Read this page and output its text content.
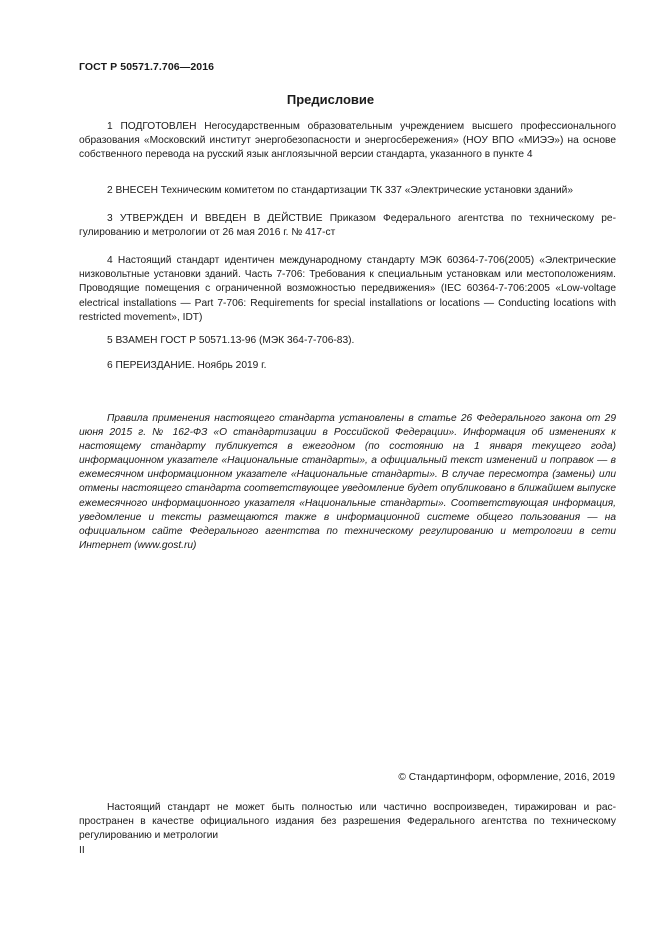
ГОСТ Р 50571.7.706—2016
Предисловие

1 ПОДГОТОВЛЕН Негосударственным образовательным учреждением высшего профессионального образования «Московский институт энергобезопасности и энергосбережения» (НОУ ВПО «МИЭЭ») на основе собственного перевода на русский язык англоязычной версии стандарта, указанного в пункте 4

2 ВНЕСЕН Техническим комитетом по стандартизации ТК 337 «Электрические установки зданий»

3 УТВЕРЖДЕН И ВВЕДЕН В ДЕЙСТВИЕ Приказом Федерального агентства по техническому регулированию и метрологии от 26 мая 2016 г. № 417-ст

4 Настоящий стандарт идентичен международному стандарту МЭК 60364-7-706(2005) «Электрические низковольтные установки зданий. Часть 7-706: Требования к специальным установкам или местоположениям. Проводящие помещения с ограниченной возможностью передвижения» (IEC 60364-7-706:2005 «Low-voltage electrical installations — Part 7-706: Requirements for special installations or locations — Conducting locations with restricted movement», IDT)

5 ВЗАМЕН ГОСТ Р 50571.13-96 (МЭК 364-7-706-83).

6 ПЕРЕИЗДАНИЕ. Ноябрь 2019 г.

Правила применения настоящего стандарта установлены в статье 26 Федерального закона от 29 июня 2015 г. № 162-ФЗ «О стандартизации в Российской Федерации». Информация об изменениях к настоящему стандарту публикуется в ежегодном (по состоянию на 1 января текущего года) информационном указателе «Национальные стандарты», а официальный текст изменений и поправок — в ежемесячном информационном указателе «Национальные стандарты». В случае пересмотра (замены) или отмены настоящего стандарта соответствующее уведомление будет опубликовано в ближайшем выпуске ежемесячного информационного указателя «Национальные стандарты». Соответствующая информация, уведомление и тексты размещаются также в информационной системе общего пользования — на официальном сайте Федерального агентства по техническому регулированию и метрологии в сети Интернет (www.gost.ru)

© Стандартинформ, оформление, 2016, 2019

Настоящий стандарт не может быть полностью или частично воспроизведен, тиражирован и распространен в качестве официального издания без разрешения Федерального агентства по техническому регулированию и метрологии

II
